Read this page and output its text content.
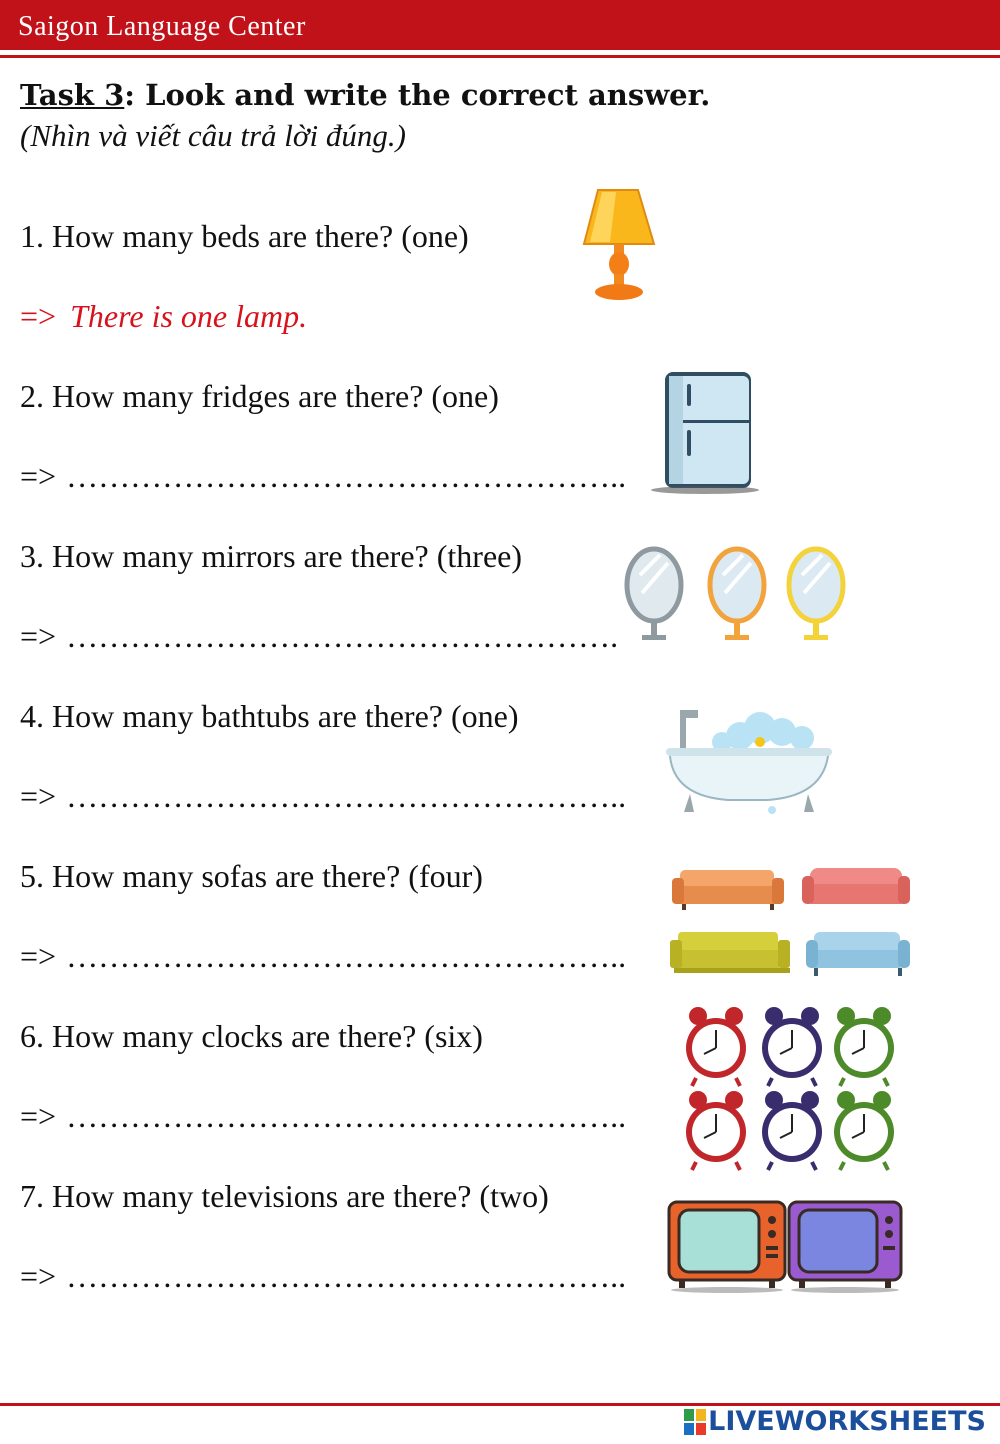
Saigon Language Center
Task 3: Look and write the correct answer.
(Nhìn và viết câu trả lời đúng.)
1. How many beds are there? (one)
=> There is one lamp.
2. How many fridges are there? (one)
=> ……………………………………………..
3. How many mirrors are there? (three)
=> …………………………………………….
4. How many bathtubs are there? (one)
=> ……………………………………………..
5. How many sofas are there? (four)
=> ……………………………………………..
6. How many clocks are there? (six)
=> ……………………………………………..
7. How many televisions are there? (two)
=> ……………………………………………..
LIVEWORKSHEETS
